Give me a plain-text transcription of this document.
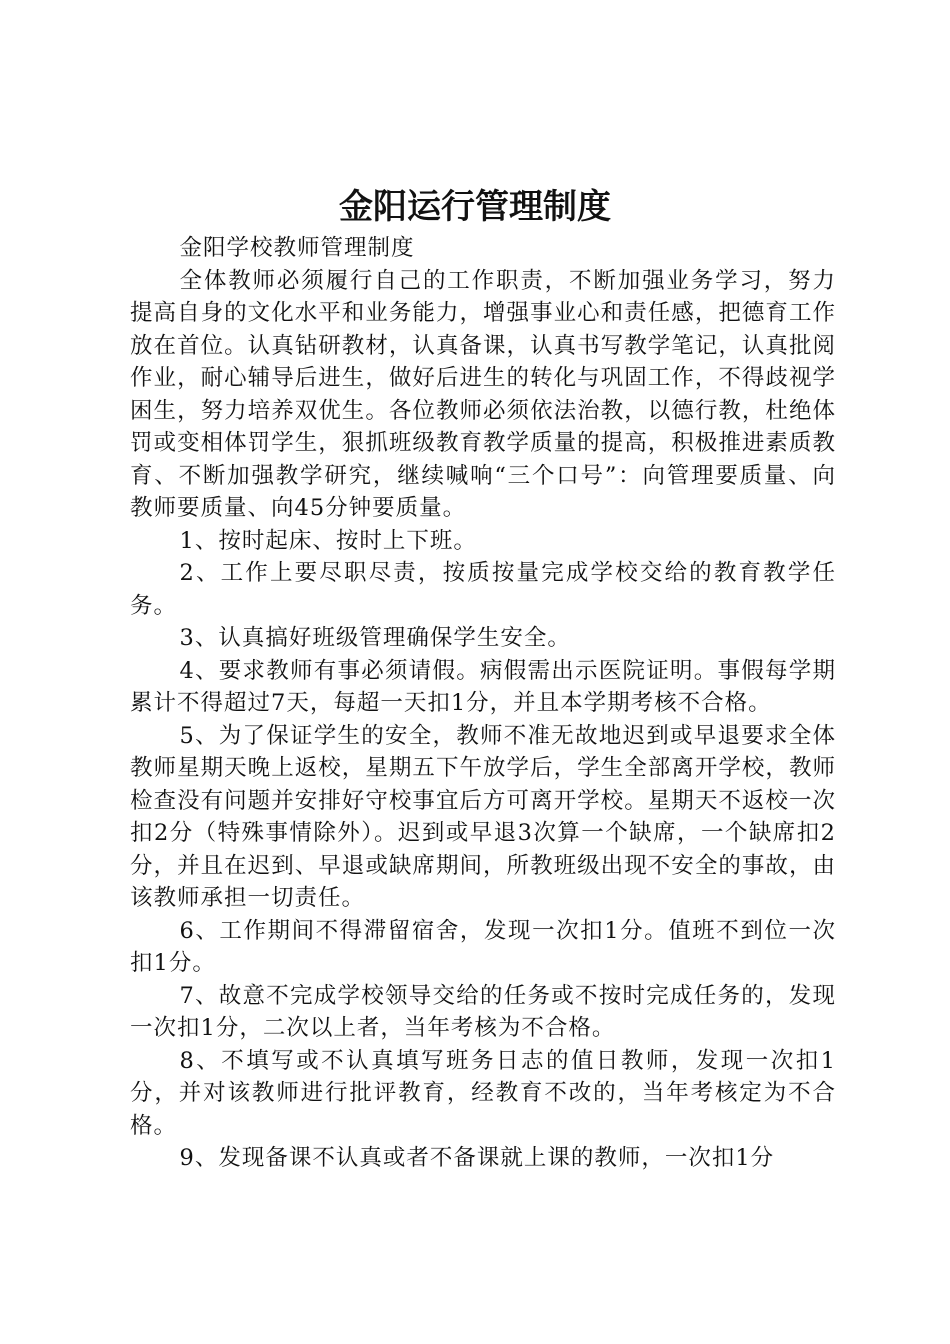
金阳运行管理制度

金阳学校教师管理制度

全体教师必须履行自己的工作职责，不断加强业务学习，努力提高自身的文化水平和业务能力，增强事业心和责任感，把德育工作放在首位。认真钻研教材，认真备课，认真书写教学笔记，认真批阅作业，耐心辅导后进生，做好后进生的转化与巩固工作，不得歧视学困生，努力培养双优生。各位教师必须依法治教，以德行教，杜绝体罚或变相体罚学生，狠抓班级教育教学质量的提高，积极推进素质教育、不断加强教学研究，继续喊响“三个口号”：向管理要质量、向教师要质量、向45分钟要质量。

1、按时起床、按时上下班。

2、工作上要尽职尽责，按质按量完成学校交给的教育教学任务。

3、认真搞好班级管理确保学生安全。

4、要求教师有事必须请假。病假需出示医院证明。事假每学期累计不得超过7天，每超一天扣1分，并且本学期考核不合格。

5、为了保证学生的安全，教师不准无故地迟到或早退要求全体教师星期天晚上返校，星期五下午放学后，学生全部离开学校，教师检查没有问题并安排好守校事宜后方可离开学校。星期天不返校一次扣2分（特殊事情除外）。迟到或早退3次算一个缺席，一个缺席扣2分，并且在迟到、早退或缺席期间，所教班级出现不安全的事故，由该教师承担一切责任。

6、工作期间不得滞留宿舍，发现一次扣1分。值班不到位一次扣1分。

7、故意不完成学校领导交给的任务或不按时完成任务的，发现一次扣1分，二次以上者，当年考核为不合格。

8、不填写或不认真填写班务日志的值日教师，发现一次扣1分，并对该教师进行批评教育，经教育不改的，当年考核定为不合格。

9、发现备课不认真或者不备课就上课的教师，一次扣1分
